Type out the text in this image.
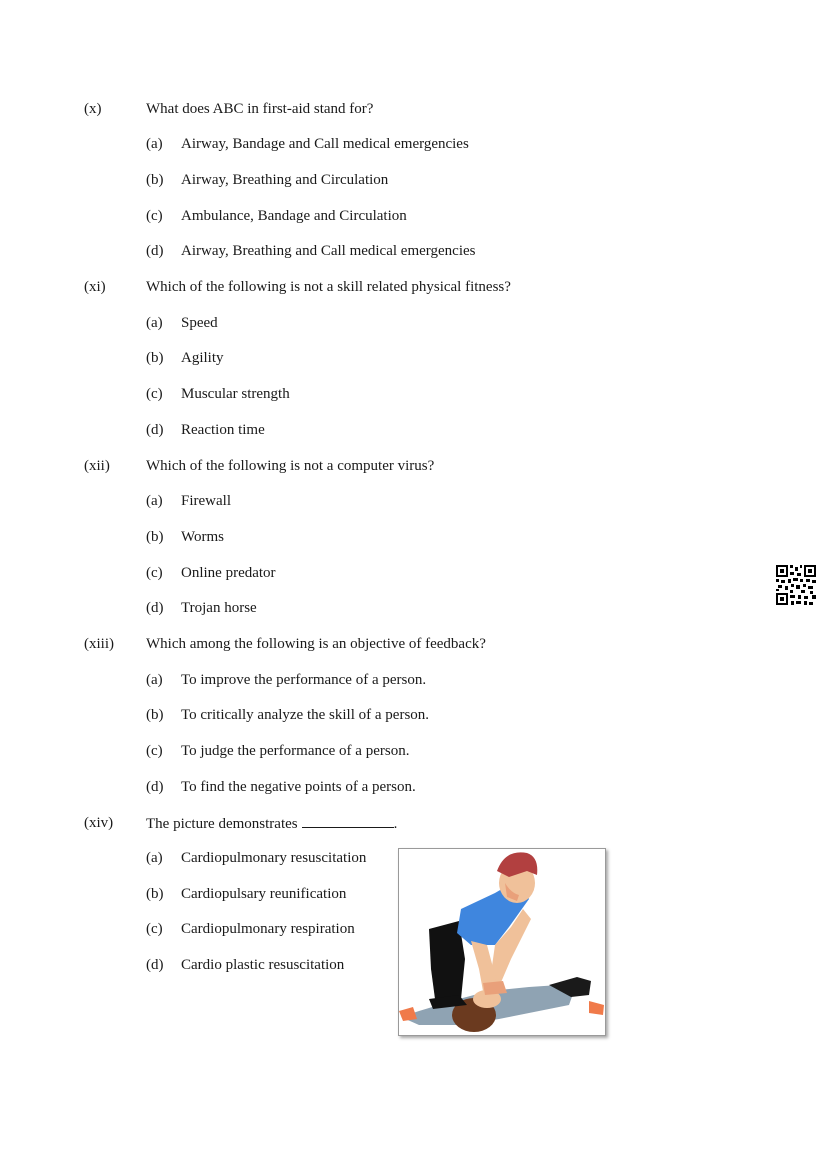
(x)	What does ABC in first-aid stand for?
(a) Airway, Bandage and Call medical emergencies
(b) Airway, Breathing and Circulation
(c) Ambulance, Bandage and Circulation
(d) Airway, Breathing and Call medical emergencies
(xi)	Which of the following is not a skill related physical fitness?
(a) Speed
(b) Agility
(c) Muscular strength
(d) Reaction time
(xii) Which of the following is not a computer virus?
(a) Firewall
(b) Worms
(c) Online predator
(d) Trojan horse
(xiii) Which among the following is an objective of feedback?
(a) To improve the performance of a person.
(b) To critically analyze the skill of a person.
(c) To judge the performance of a person.
(d) To find the negative points of a person.
(xiv) The picture demonstrates	.
(a) Cardiopulmonary resuscitation
(b) Cardiopulsary reunification
(c) Cardiopulmonary respiration
(d) Cardio plastic resuscitation
